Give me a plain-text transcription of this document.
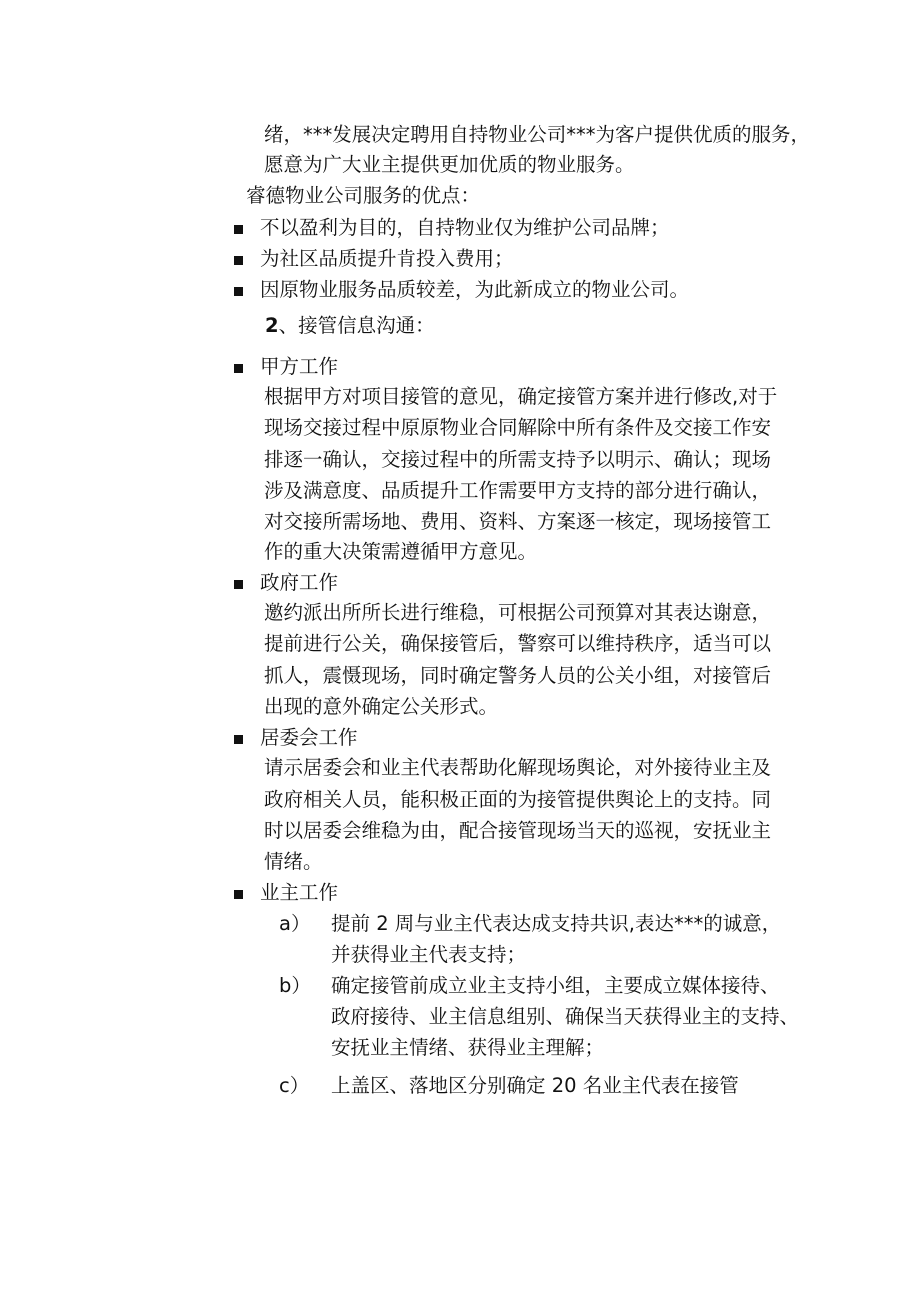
绪，***发展决定聘用自持物业公司***为客户提供优质的服务，
愿意为广大业主提供更加优质的物业服务。
睿德物业公司服务的优点：
不以盈利为目的，自持物业仅为维护公司品牌；
为社区品质提升肯投入费用；
因原物业服务品质较差，为此新成立的物业公司。
2、接管信息沟通：
甲方工作
根据甲方对项目接管的意见，确定接管方案并进行修改,对于
现场交接过程中原原物业合同解除中所有条件及交接工作安
排逐一确认，交接过程中的所需支持予以明示、确认；现场
涉及满意度、品质提升工作需要甲方支持的部分进行确认，
对交接所需场地、费用、资料、方案逐一核定，现场接管工
作的重大决策需遵循甲方意见。
政府工作
邀约派出所所长进行维稳，可根据公司预算对其表达谢意，
提前进行公关，确保接管后，警察可以维持秩序，适当可以
抓人，震慑现场，同时确定警务人员的公关小组，对接管后
出现的意外确定公关形式。
居委会工作
请示居委会和业主代表帮助化解现场舆论，对外接待业主及
政府相关人员，能积极正面的为接管提供舆论上的支持。同
时以居委会维稳为由，配合接管现场当天的巡视，安抚业主
情绪。
业主工作
a） 提前 2 周与业主代表达成支持共识,表达***的诚意，
并获得业主代表支持；
b） 确定接管前成立业主支持小组，主要成立媒体接待、
政府接待、业主信息组别、确保当天获得业主的支持、
安抚业主情绪、获得业主理解；
c） 上盖区、落地区分别确定 20 名业主代表在接管
